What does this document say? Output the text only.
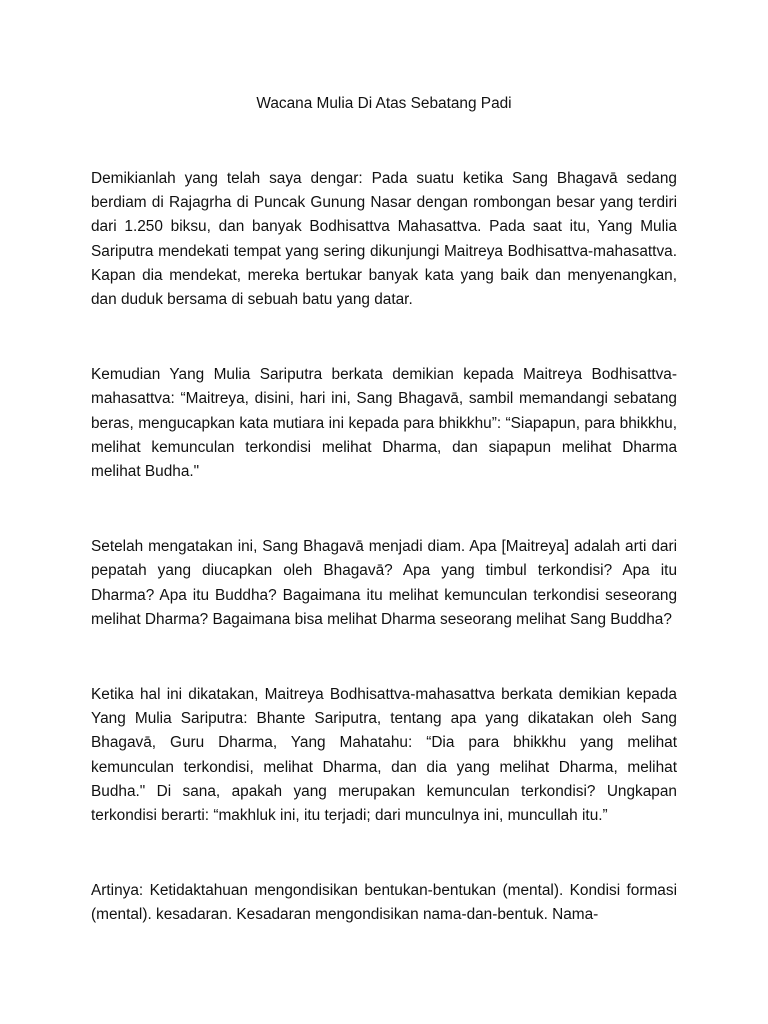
Wacana Mulia Di Atas Sebatang Padi

Demikianlah yang telah saya dengar: Pada suatu ketika Sang Bhagavā sedang berdiam di Rajagrha di Puncak Gunung Nasar dengan rombongan besar yang terdiri dari 1.250 biksu, dan banyak Bodhisattva Mahasattva. Pada saat itu, Yang Mulia Sariputra mendekati tempat yang sering dikunjungi Maitreya Bodhisattva-mahasattva. Kapan dia mendekat, mereka bertukar banyak kata yang baik dan menyenangkan, dan duduk bersama di sebuah batu yang datar.

Kemudian Yang Mulia Sariputra berkata demikian kepada Maitreya Bodhisattva-mahasattva: “Maitreya, disini, hari ini, Sang Bhagavā, sambil memandangi sebatang beras, mengucapkan kata mutiara ini kepada para bhikkhu”: “Siapapun, para bhikkhu, melihat kemunculan terkondisi melihat Dharma, dan siapapun melihat Dharma melihat Budha."

Setelah mengatakan ini, Sang Bhagavā menjadi diam. Apa [Maitreya] adalah arti dari pepatah yang diucapkan oleh Bhagavā? Apa yang timbul terkondisi? Apa itu Dharma? Apa itu Buddha? Bagaimana itu melihat kemunculan terkondisi seseorang melihat Dharma? Bagaimana bisa melihat Dharma seseorang melihat Sang Buddha?

Ketika hal ini dikatakan, Maitreya Bodhisattva-mahasattva berkata demikian kepada Yang Mulia Sariputra: Bhante Sariputra, tentang apa yang dikatakan oleh Sang Bhagavā, Guru Dharma, Yang Mahatahu: “Dia para bhikkhu yang melihat kemunculan terkondisi, melihat Dharma, dan dia yang melihat Dharma, melihat Budha." Di sana, apakah yang merupakan kemunculan terkondisi? Ungkapan terkondisi berarti: “makhluk ini, itu terjadi; dari munculnya ini, muncullah itu.”

Artinya: Ketidaktahuan mengondisikan bentukan-bentukan (mental). Kondisi formasi (mental). kesadaran. Kesadaran mengondisikan nama-dan-bentuk. Nama-
